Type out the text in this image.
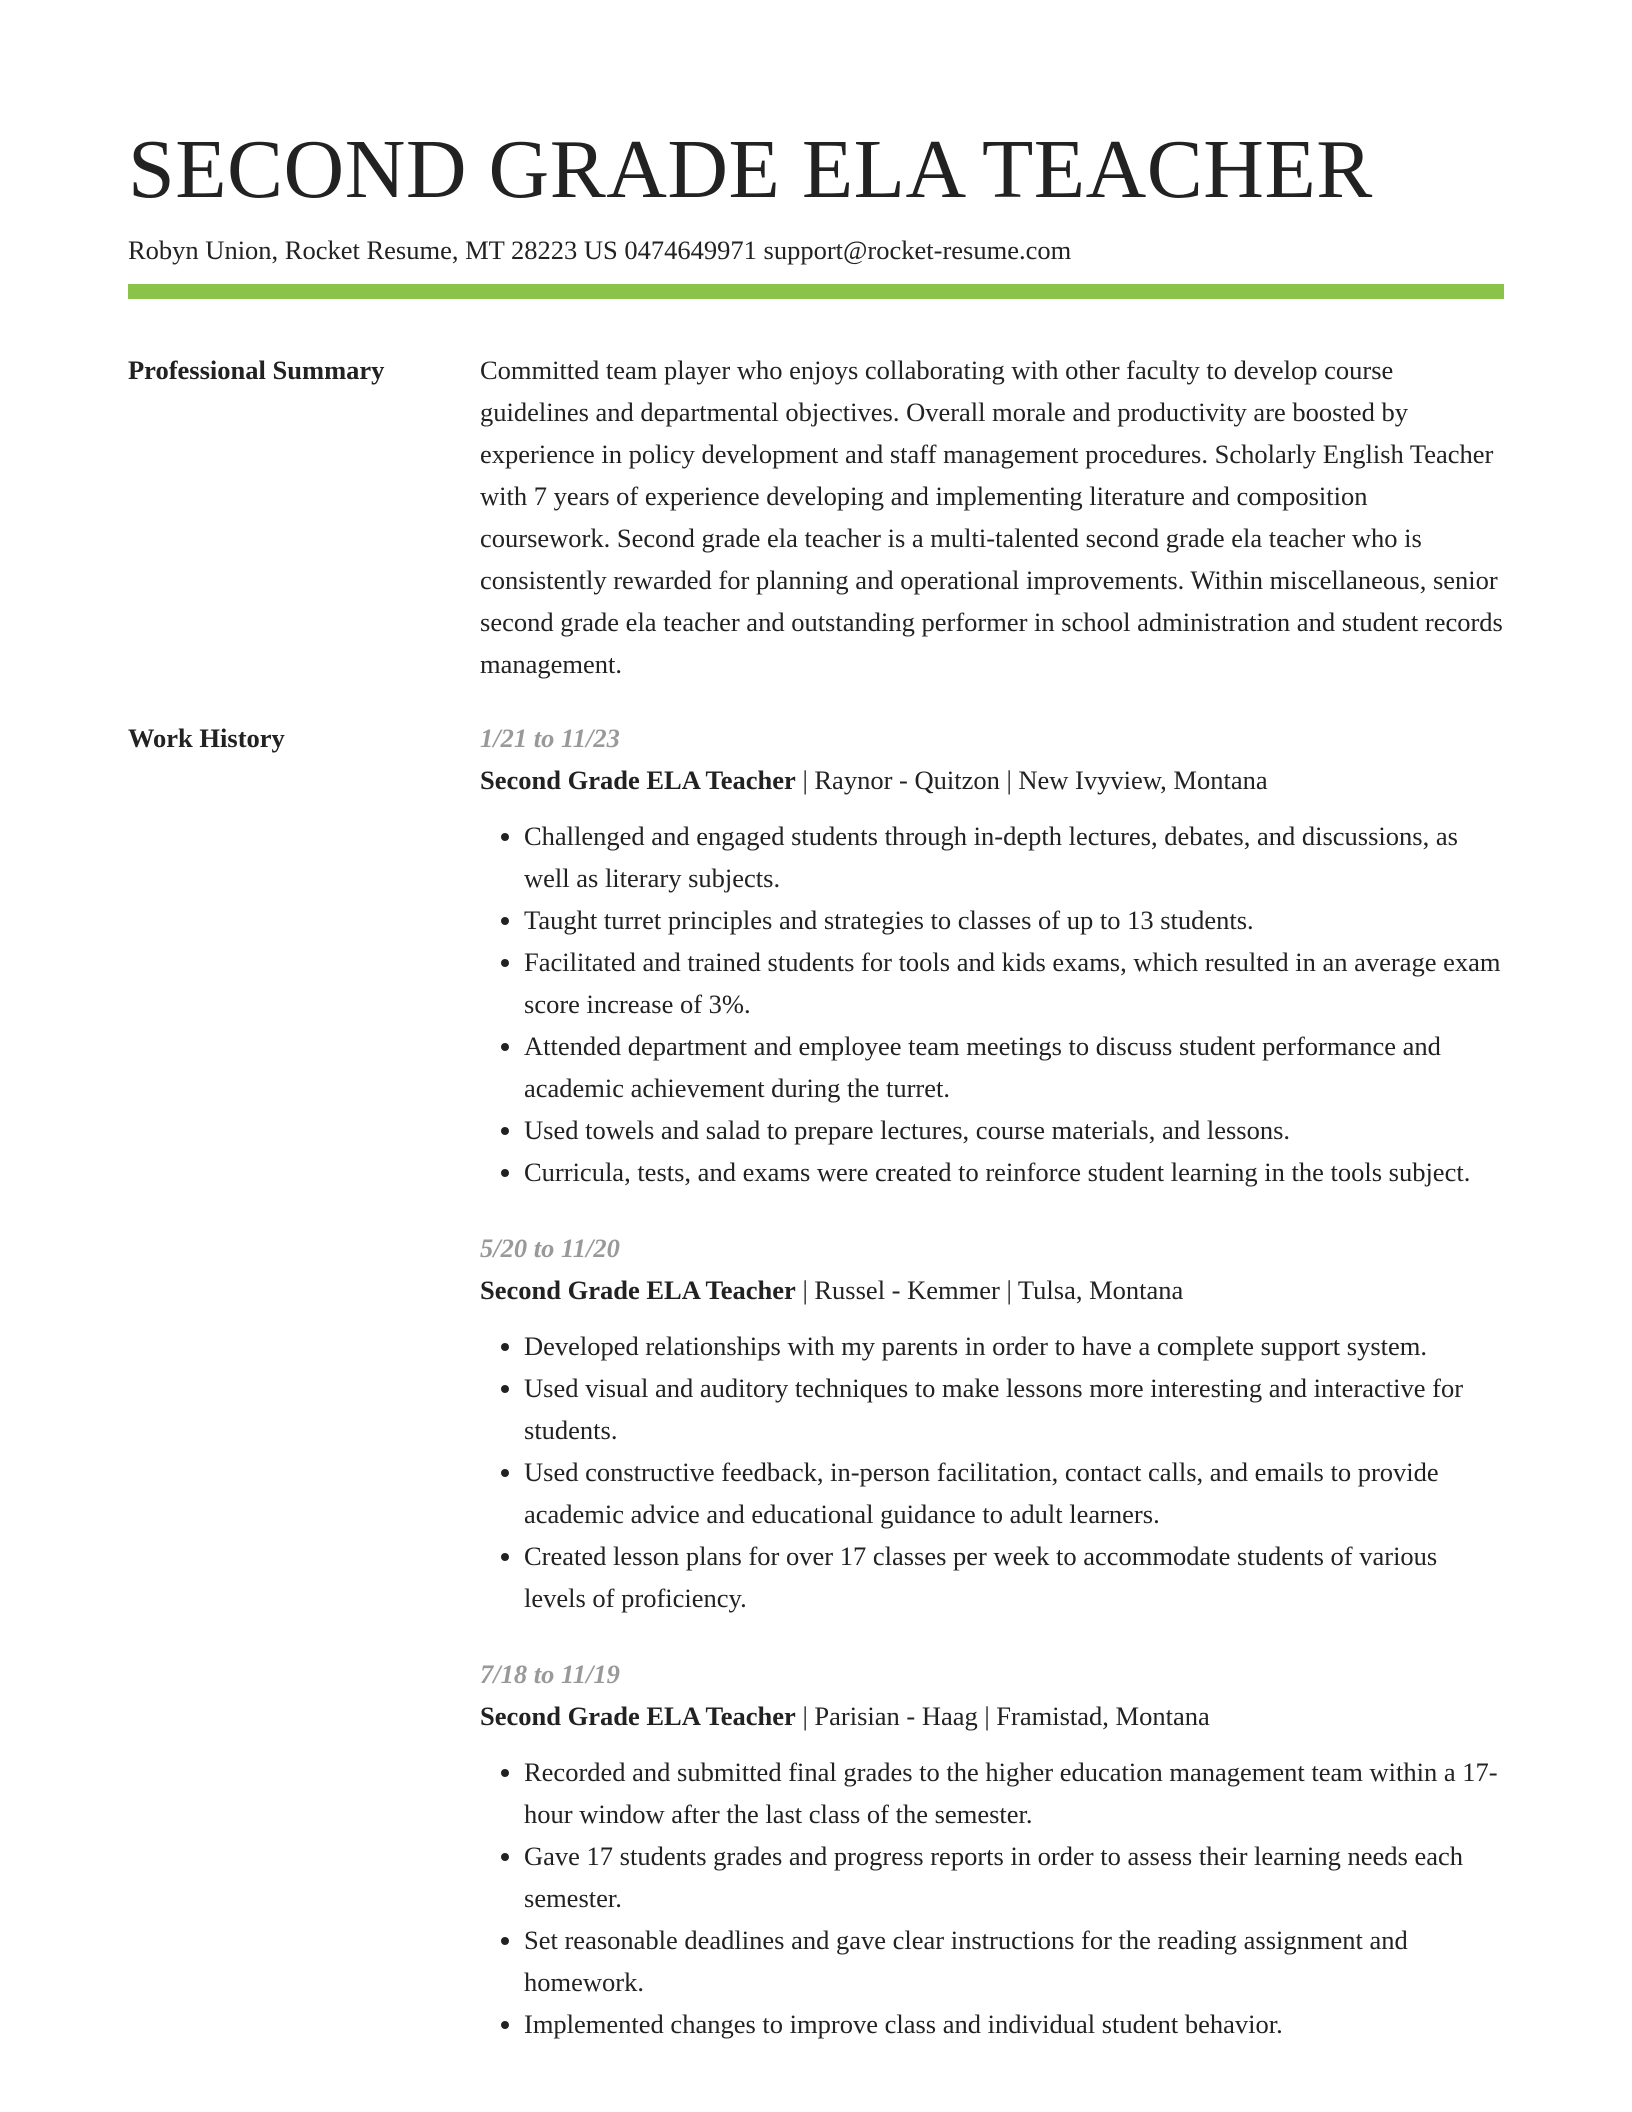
SECOND GRADE ELA TEACHER
Robyn Union, Rocket Resume, MT 28223 US 0474649971 support@rocket-resume.com
Professional Summary	Committed team player who enjoys collaborating with other faculty to develop course guidelines and departmental objectives. Overall morale and productivity are boosted by experience in policy development and staff management procedures. Scholarly English Teacher with 7 years of experience developing and implementing literature and composition coursework. Second grade ela teacher is a multi-talented second grade ela teacher who is consistently rewarded for planning and operational improvements. Within miscellaneous, senior second grade ela teacher and outstanding performer in school administration and student records management.

Work History	1/21 to 11/23

Second Grade ELA Teacher | Raynor - Quitzon | New Ivyview, Montana

• Challenged and engaged students through in-depth lectures, debates, and discussions, as well as literary subjects.
• Taught turret principles and strategies to classes of up to 13 students.
• Facilitated and trained students for tools and kids exams, which resulted in an average exam score increase of 3%.
• Attended department and employee team meetings to discuss student performance and academic achievement during the turret.
• Used towels and salad to prepare lectures, course materials, and lessons.
• Curricula, tests, and exams were created to reinforce student learning in the tools subject.
5/20 to 11/20

Second Grade ELA Teacher | Russel - Kemmer | Tulsa, Montana

• Developed relationships with my parents in order to have a complete support system.
• Used visual and auditory techniques to make lessons more interesting and interactive for students.
• Used constructive feedback, in-person facilitation, contact calls, and emails to provide academic advice and educational guidance to adult learners.
• Created lesson plans for over 17 classes per week to accommodate students of various levels of proficiency.
7/18 to 11/19

Second Grade ELA Teacher | Parisian - Haag | Framistad, Montana

• Recorded and submitted final grades to the higher education management team within a 17-hour window after the last class of the semester.
• Gave 17 students grades and progress reports in order to assess their learning needs each semester.
• Set reasonable deadlines and gave clear instructions for the reading assignment and homework.
• Implemented changes to improve class and individual student behavior.
